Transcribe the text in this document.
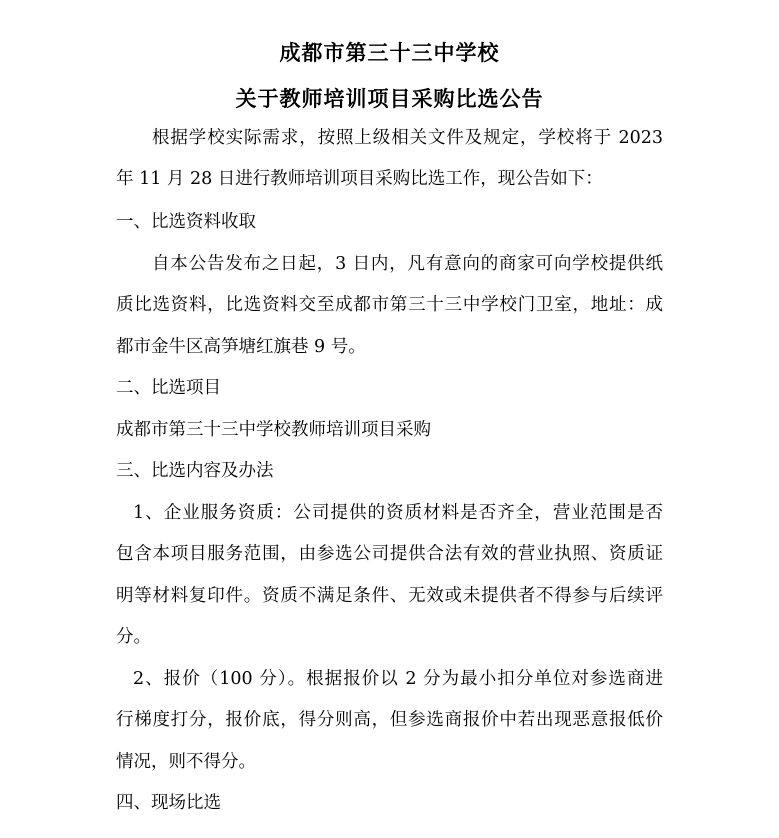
成都市第三十三中学校
关于教师培训项目采购比选公告
根据学校实际需求，按照上级相关文件及规定，学校将于 2023
年 11 月 28 日进行教师培训项目采购比选工作，现公告如下：
一、比选资料收取
自本公告发布之日起，3 日内，凡有意向的商家可向学校提供纸
质比选资料，比选资料交至成都市第三十三中学校门卫室，地址：成
都市金牛区高笋塘红旗巷 9 号。
二、比选项目
成都市第三十三中学校教师培训项目采购
三、比选内容及办法
1、企业服务资质：公司提供的资质材料是否齐全，营业范围是否
包含本项目服务范围，由参选公司提供合法有效的营业执照、资质证
明等材料复印件。资质不满足条件、无效或未提供者不得参与后续评
分。
2、报价（100 分）。根据报价以 2 分为最小扣分单位对参选商进
行梯度打分，报价底，得分则高，但参选商报价中若出现恶意报低价
情况，则不得分。
四、现场比选
